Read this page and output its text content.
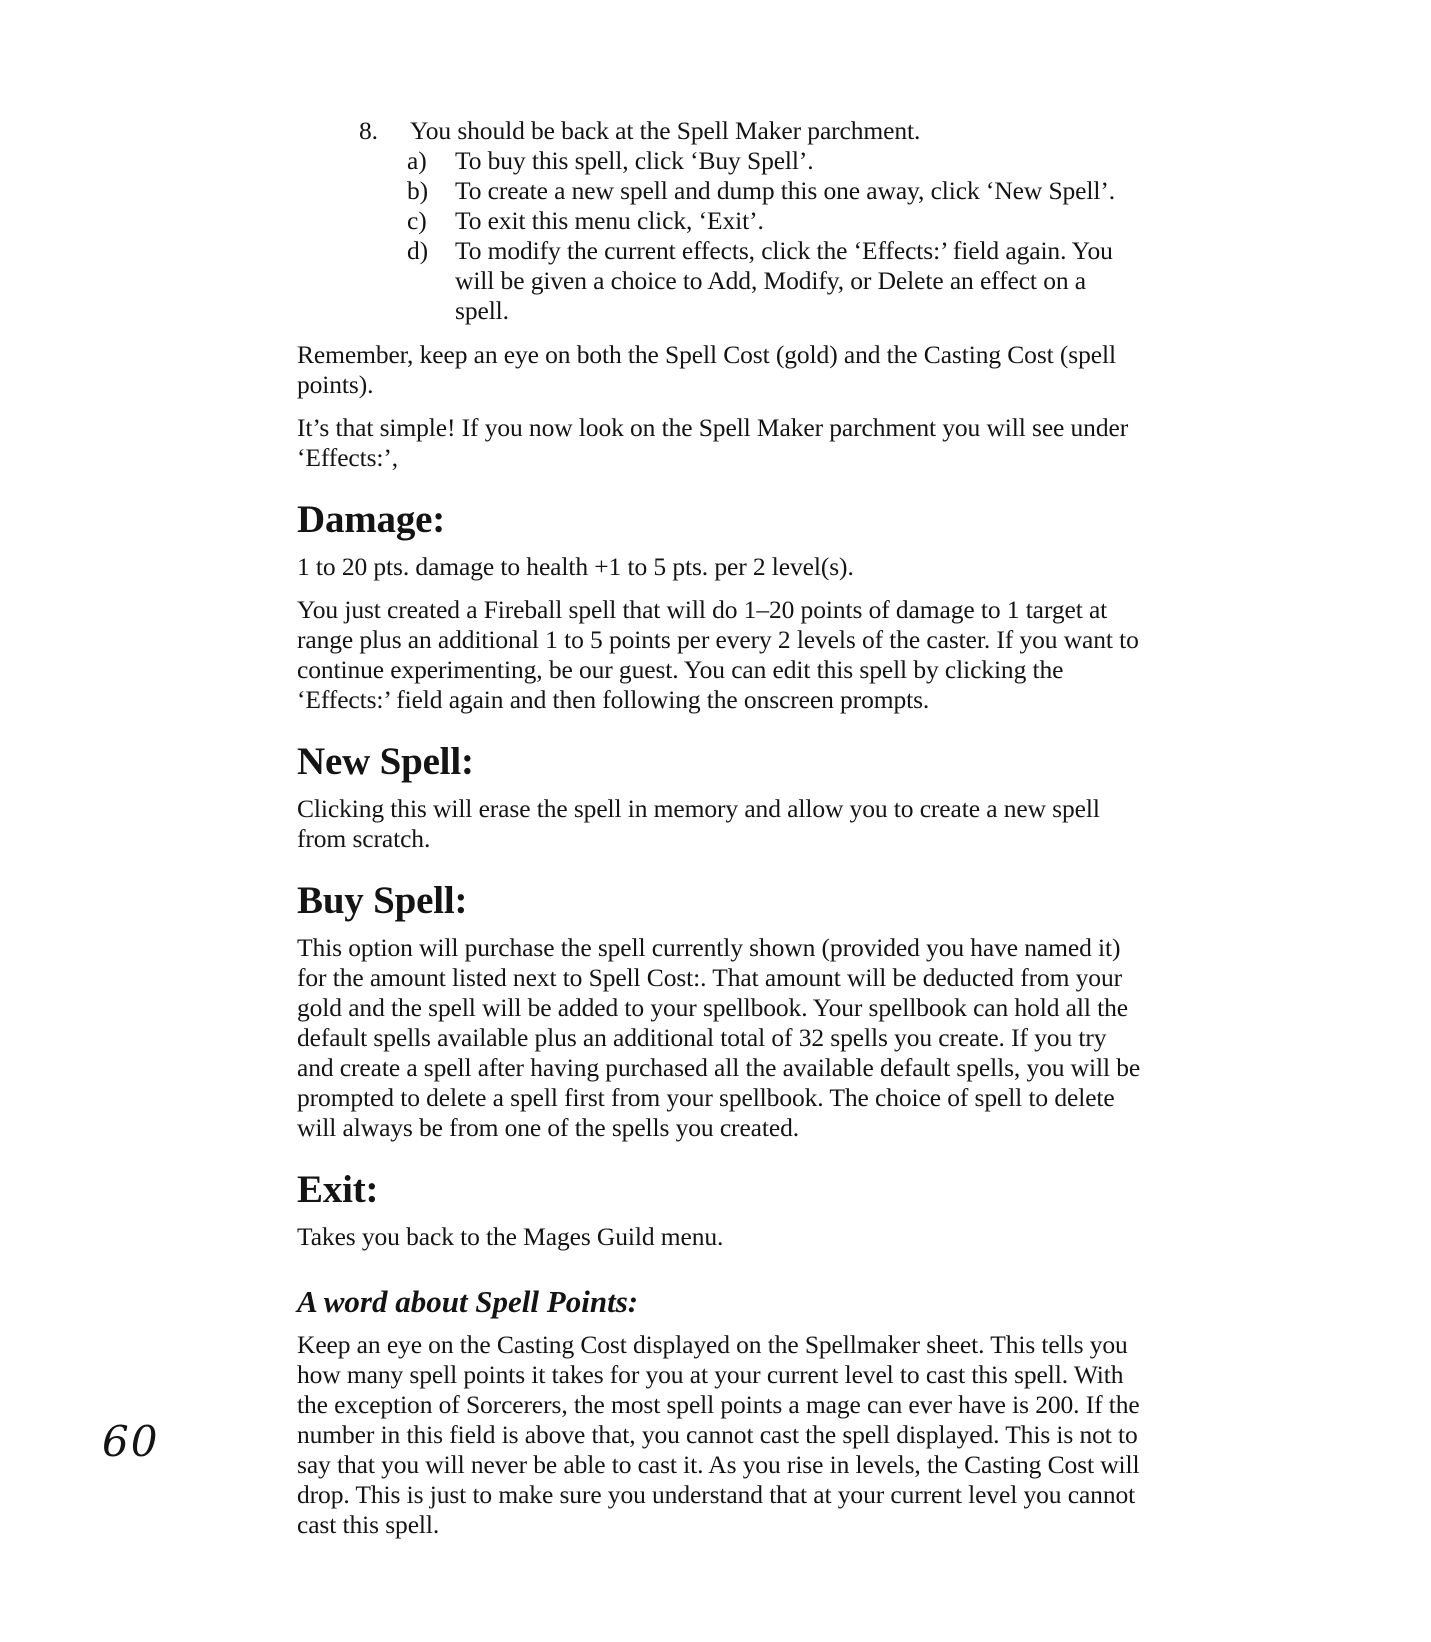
8. You should be back at the Spell Maker parchment.
a) To buy this spell, click ‘Buy Spell’.
b) To create a new spell and dump this one away, click ‘New Spell’.
c) To exit this menu click, ‘Exit’.
d) To modify the current effects, click the ‘Effects:’ field again. You will be given a choice to Add, Modify, or Delete an effect on a spell.

Remember, keep an eye on both the Spell Cost (gold) and the Casting Cost (spell points).

It’s that simple! If you now look on the Spell Maker parchment you will see under ‘Effects:’,

Damage:

1 to 20 pts. damage to health +1 to 5 pts. per 2 level(s).

You just created a Fireball spell that will do 1–20 points of damage to 1 target at range plus an additional 1 to 5 points per every 2 levels of the caster. If you want to continue experimenting, be our guest. You can edit this spell by clicking the ‘Effects:’ field again and then following the onscreen prompts.

New Spell:

Clicking this will erase the spell in memory and allow you to create a new spell from scratch.

Buy Spell:

This option will purchase the spell currently shown (provided you have named it) for the amount listed next to Spell Cost:. That amount will be deducted from your gold and the spell will be added to your spellbook. Your spellbook can hold all the default spells available plus an additional total of 32 spells you create. If you try and create a spell after having purchased all the available default spells, you will be prompted to delete a spell first from your spellbook. The choice of spell to delete will always be from one of the spells you created.

Exit:

Takes you back to the Mages Guild menu.

A word about Spell Points:

Keep an eye on the Casting Cost displayed on the Spellmaker sheet. This tells you how many spell points it takes for you at your current level to cast this spell. With the exception of Sorcerers, the most spell points a mage can ever have is 200. If the number in this field is above that, you cannot cast the spell displayed. This is not to say that you will never be able to cast it. As you rise in levels, the Casting Cost will drop. This is just to make sure you understand that at your current level you cannot cast this spell.

60
